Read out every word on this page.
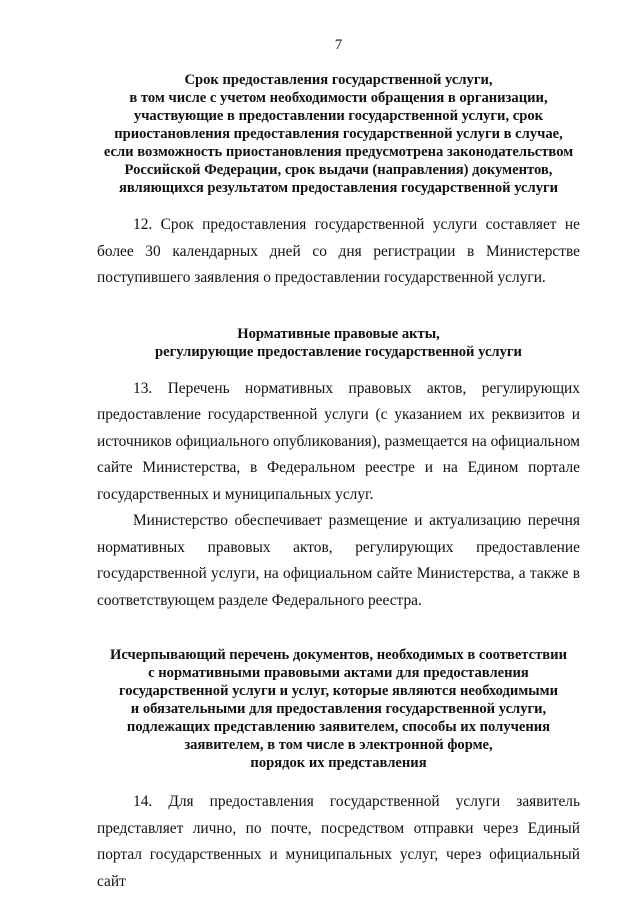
7
Срок предоставления государственной услуги,
в том числе с учетом необходимости обращения в организации,
участвующие в предоставлении государственной услуги, срок
приостановления предоставления государственной услуги в случае,
если возможность приостановления предусмотрена законодательством
Российской Федерации, срок выдачи (направления) документов,
являющихся результатом предоставления государственной услуги

12. Срок предоставления государственной услуги составляет не более 30 календарных дней со дня регистрации в Министерстве поступившего заявления о предоставлении государственной услуги.

Нормативные правовые акты,
регулирующие предоставление государственной услуги

13. Перечень нормативных правовых актов, регулирующих предоставление государственной услуги (с указанием их реквизитов и источников официального опубликования), размещается на официальном сайте Министерства, в Федеральном реестре и на Едином портале государственных и муниципальных услуг.

Министерство обеспечивает размещение и актуализацию перечня нормативных правовых актов, регулирующих предоставление государственной услуги, на официальном сайте Министерства, а также в соответствующем разделе Федерального реестра.

Исчерпывающий перечень документов, необходимых в соответствии
с нормативными правовыми актами для предоставления
государственной услуги и услуг, которые являются необходимыми
и обязательными для предоставления государственной услуги,
подлежащих представлению заявителем, способы их получения
заявителем, в том числе в электронной форме,
порядок их представления

14. Для предоставления государственной услуги заявитель представляет лично, по почте, посредством отправки через Единый портал государственных и муниципальных услуг, через официальный сайт
